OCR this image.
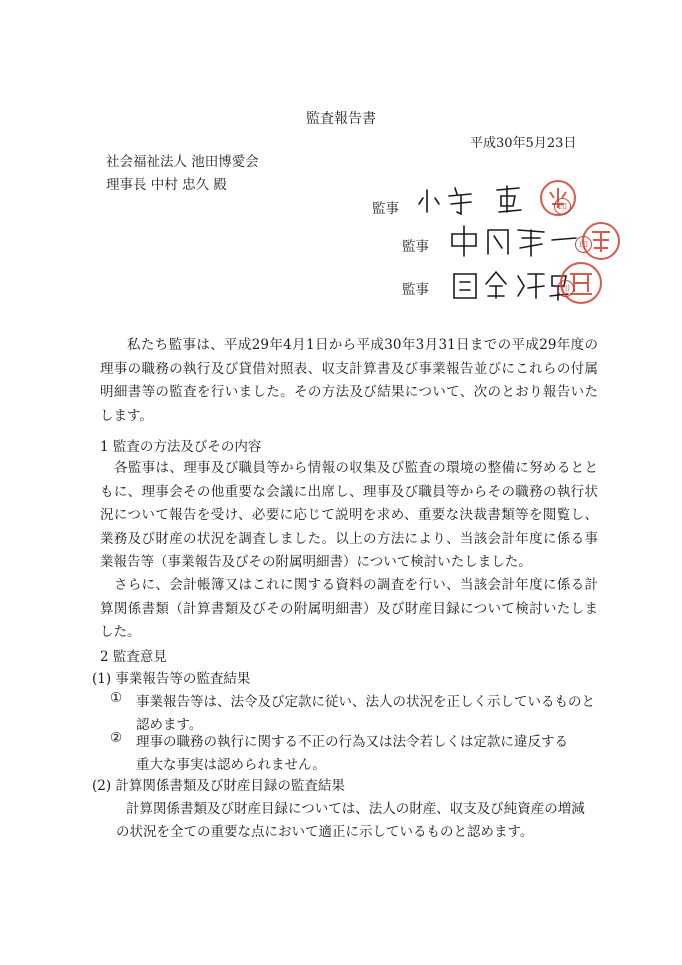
監査報告書
平成30年5月23日
社会福祉法人 池田博愛会
理事長 中村 忠久 殿
監事	印
監事	印
監事	印
私たち監事は、平成29年4月1日から平成30年3月31日までの平成29年度の理事の職務の執行及び貸借対照表、収支計算書及び事業報告並びにこれらの付属明細書等の監査を行いました。その方法及び結果について、次のとおり報告いたします。
1 監査の方法及びその内容
各監事は、理事及び職員等から情報の収集及び監査の環境の整備に努めるとともに、理事会その他重要な会議に出席し、理事及び職員等からその職務の執行状況について報告を受け、必要に応じて説明を求め、重要な決裁書類等を閲覧し、業務及び財産の状況を調査しました。以上の方法により、当該会計年度に係る事業報告等（事業報告及びその附属明細書）について検討いたしました。
さらに、会計帳簿又はこれに関する資料の調査を行い、当該会計年度に係る計算関係書類（計算書類及びその附属明細書）及び財産目録について検討いたしました。
2 監査意見
(1) 事業報告等の監査結果
① 事業報告等は、法令及び定款に従い、法人の状況を正しく示しているものと
認めます。
② 理事の職務の執行に関する不正の行為又は法令若しくは定款に違反する
重大な事実は認められません。
(2) 計算関係書類及び財産目録の監査結果
計算関係書類及び財産目録については、法人の財産、収支及び純資産の増減
の状況を全ての重要な点において適正に示しているものと認めます。
